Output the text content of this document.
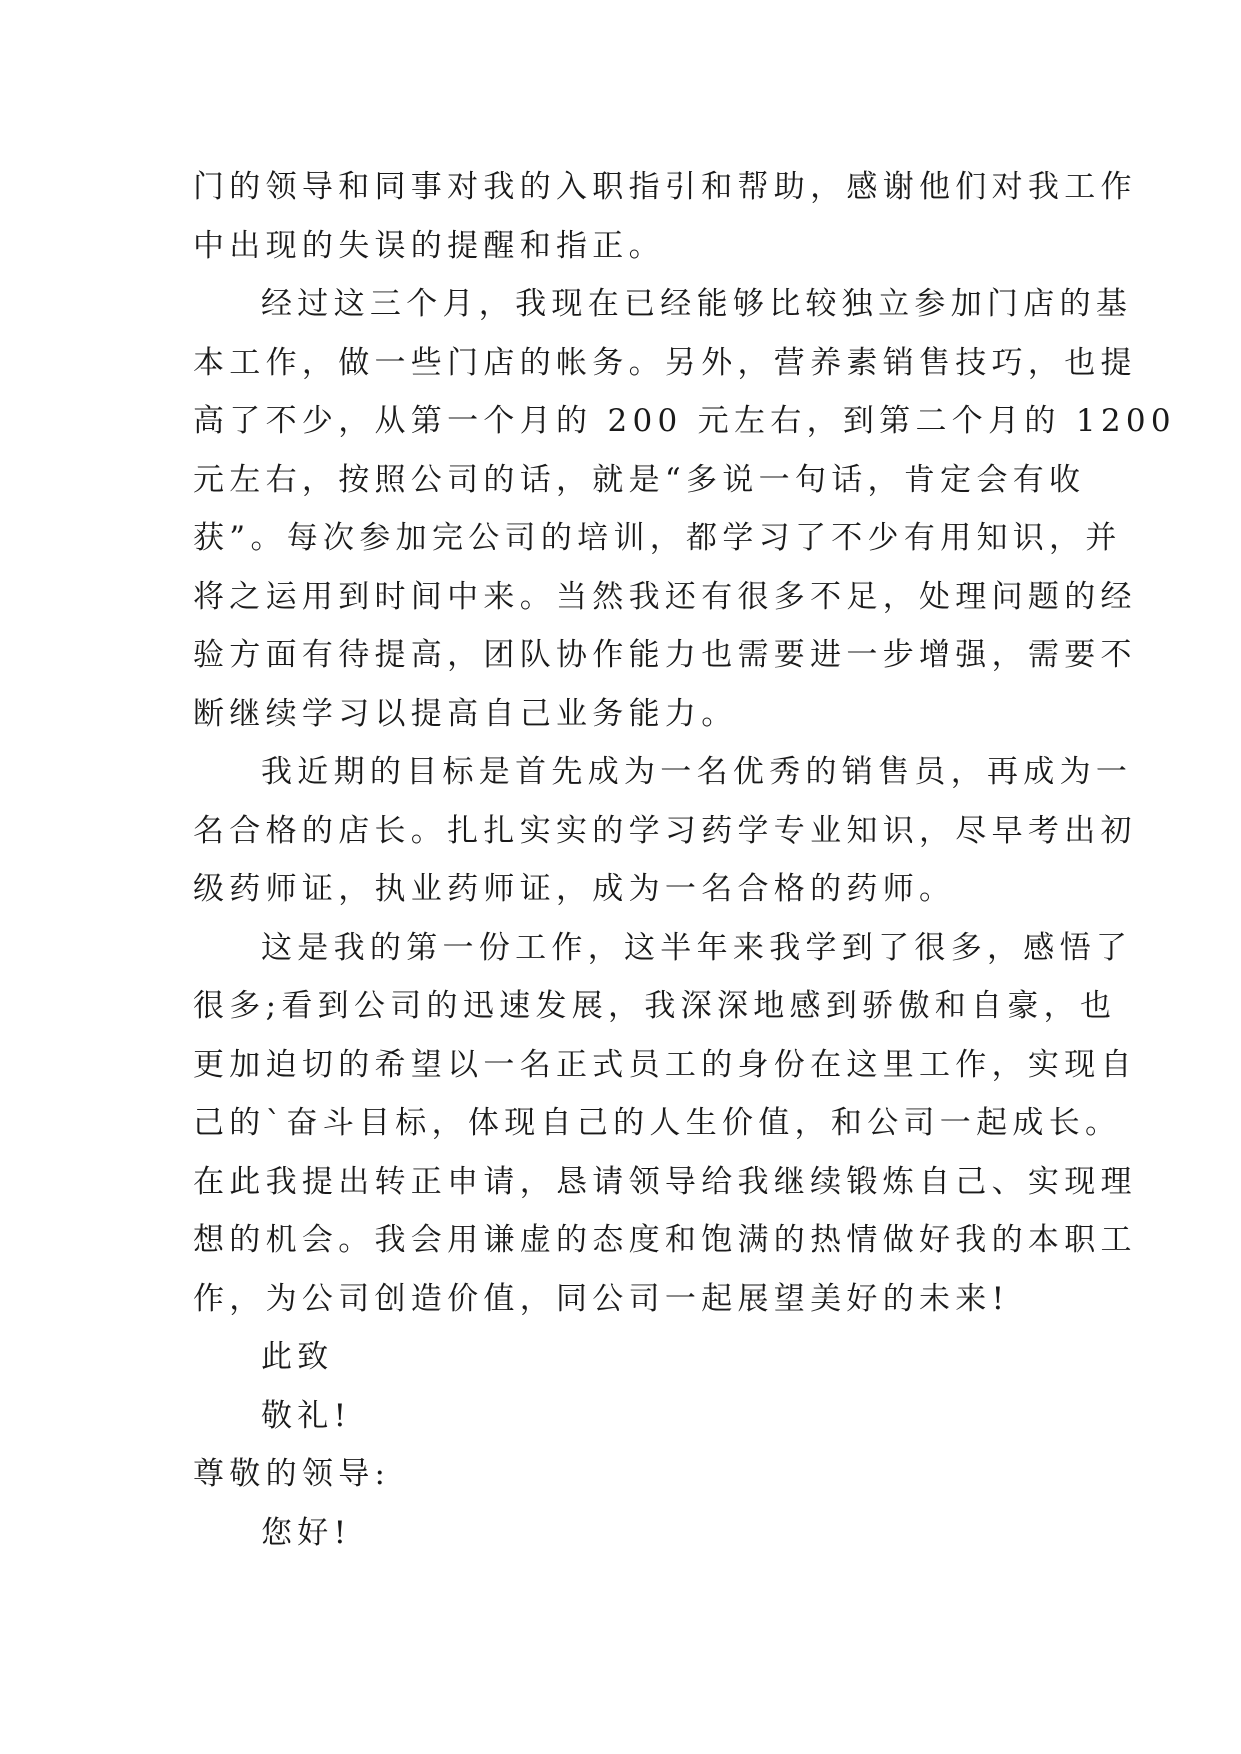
门的领导和同事对我的入职指引和帮助，感谢他们对我工作
中出现的失误的提醒和指正。

经过这三个月，我现在已经能够比较独立参加门店的基
本工作，做一些门店的帐务。另外，营养素销售技巧，也提
高了不少，从第一个月的 200 元左右，到第二个月的 1200
元左右，按照公司的话，就是“多说一句话，肯定会有收
获”。每次参加完公司的培训，都学习了不少有用知识，并
将之运用到时间中来。当然我还有很多不足，处理问题的经
验方面有待提高，团队协作能力也需要进一步增强，需要不
断继续学习以提高自己业务能力。

我近期的目标是首先成为一名优秀的销售员，再成为一
名合格的店长。扎扎实实的学习药学专业知识，尽早考出初
级药师证，执业药师证，成为一名合格的药师。

这是我的第一份工作，这半年来我学到了很多，感悟了
很多;看到公司的迅速发展，我深深地感到骄傲和自豪，也
更加迫切的希望以一名正式员工的身份在这里工作，实现自
己的`奋斗目标，体现自己的人生价值，和公司一起成长。
在此我提出转正申请，恳请领导给我继续锻炼自己、实现理
想的机会。我会用谦虚的态度和饱满的热情做好我的本职工
作，为公司创造价值，同公司一起展望美好的未来!

此致

敬礼!

尊敬的领导:

您好!
